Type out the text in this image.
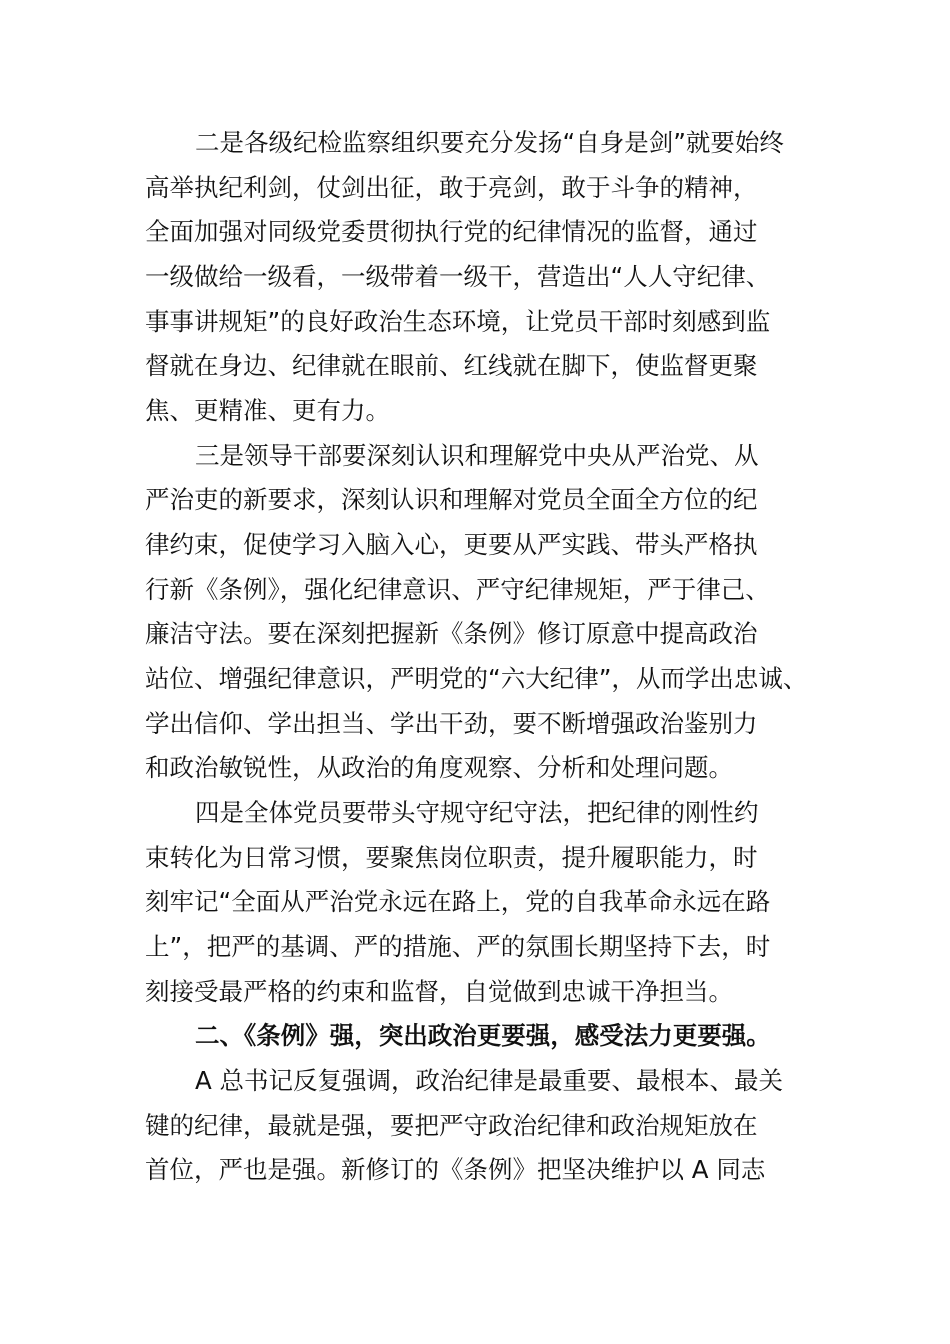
二是各级纪检监察组织要充分发扬“自身是剑”就要始终

高举执纪利剑，仗剑出征，敢于亮剑，敢于斗争的精神，

全面加强对同级党委贯彻执行党的纪律情况的监督，通过

一级做给一级看，一级带着一级干，营造出“人人守纪律、

事事讲规矩”的良好政治生态环境，让党员干部时刻感到监

督就在身边、纪律就在眼前、红线就在脚下，使监督更聚

焦、更精准、更有力。

三是领导干部要深刻认识和理解党中央从严治党、从

严治吏的新要求，深刻认识和理解对党员全面全方位的纪

律约束，促使学习入脑入心，更要从严实践、带头严格执

行新《条例》，强化纪律意识、严守纪律规矩，严于律己、

廉洁守法。要在深刻把握新《条例》修订原意中提高政治

站位、增强纪律意识，严明党的“六大纪律”，从而学出忠诚、

学出信仰、学出担当、学出干劲，要不断增强政治鉴别力

和政治敏锐性，从政治的角度观察、分析和处理问题。

四是全体党员要带头守规守纪守法，把纪律的刚性约

束转化为日常习惯，要聚焦岗位职责，提升履职能力，时

刻牢记“全面从严治党永远在路上，党的自我革命永远在路

上”，把严的基调、严的措施、严的氛围长期坚持下去，时

刻接受最严格的约束和监督，自觉做到忠诚干净担当。

二、《条例》强，突出政治更要强，感受法力更要强。

A 总书记反复强调，政治纪律是最重要、最根本、最关

键的纪律，最就是强，要把严守政治纪律和政治规矩放在

首位，严也是强。新修订的《条例》把坚决维护以 A 同志
